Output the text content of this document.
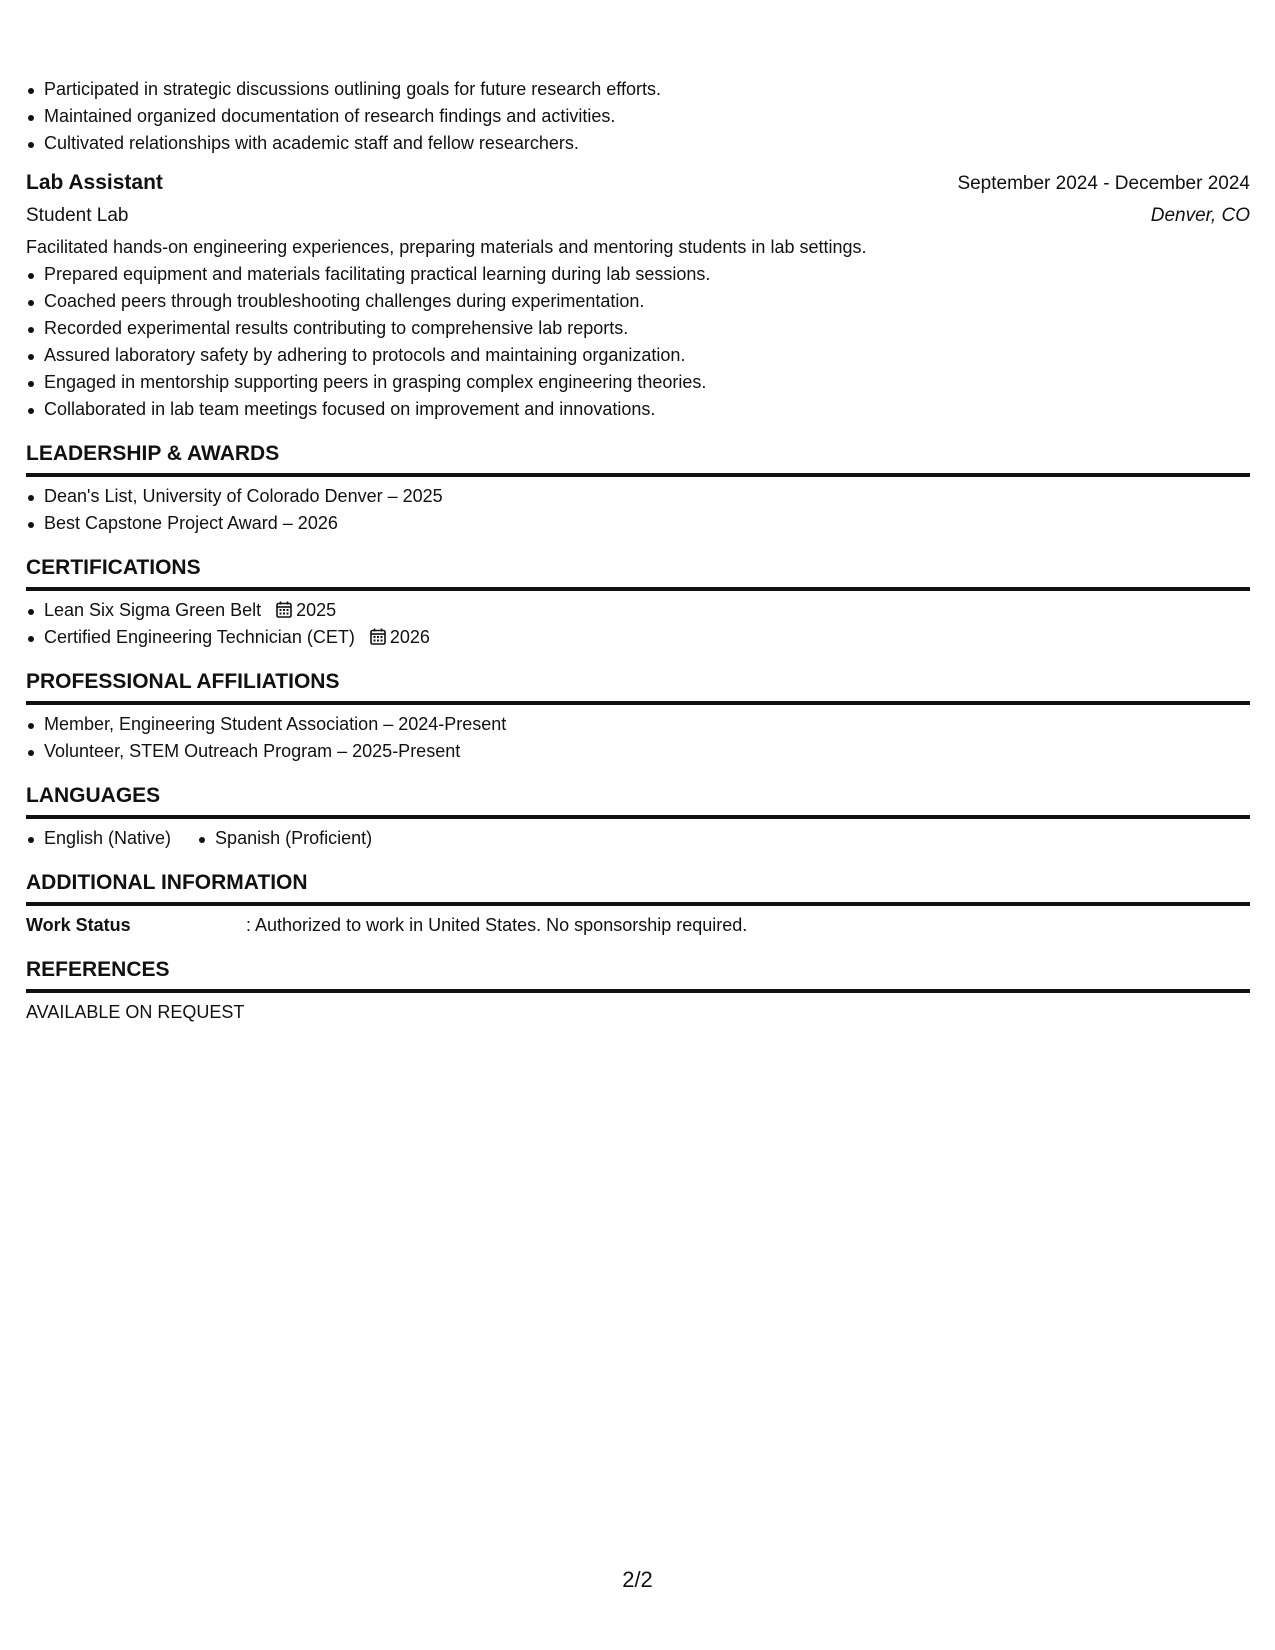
Participated in strategic discussions outlining goals for future research efforts.
Maintained organized documentation of research findings and activities.
Cultivated relationships with academic staff and fellow researchers.
Lab Assistant	September 2024 - December 2024
Student Lab	Denver, CO
Facilitated hands-on engineering experiences, preparing materials and mentoring students in lab settings.
Prepared equipment and materials facilitating practical learning during lab sessions.
Coached peers through troubleshooting challenges during experimentation.
Recorded experimental results contributing to comprehensive lab reports.
Assured laboratory safety by adhering to protocols and maintaining organization.
Engaged in mentorship supporting peers in grasping complex engineering theories.
Collaborated in lab team meetings focused on improvement and innovations.
LEADERSHIP & AWARDS
Dean's List, University of Colorado Denver – 2025
Best Capstone Project Award – 2026
CERTIFICATIONS
Lean Six Sigma Green Belt 2025
Certified Engineering Technician (CET) 2026
PROFESSIONAL AFFILIATIONS
Member, Engineering Student Association – 2024-Present
Volunteer, STEM Outreach Program – 2025-Present
LANGUAGES
English (Native)	Spanish (Proficient)
ADDITIONAL INFORMATION
Work Status	: Authorized to work in United States. No sponsorship required.
REFERENCES
AVAILABLE ON REQUEST
2/2
